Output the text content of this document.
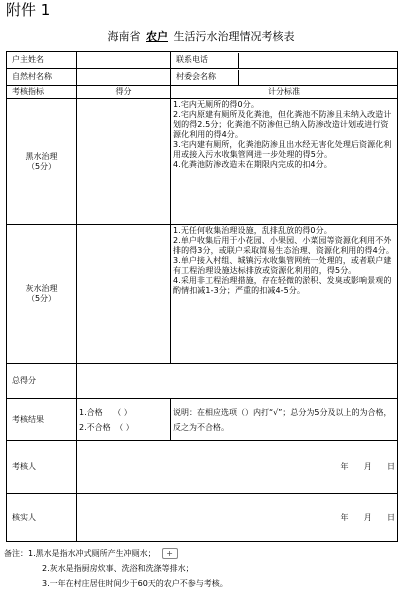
附件 1
海南省 农户 生活污水治理情况考核表
户主姓名			联系电话	

自然村名称			村委会名称	

考核指标	得分	计分标准

黑水治理
（5分）
		1.宅内无厕所的得0分。
2.宅内原建有厕所及化粪池，但化粪池不防渗且未纳入改造计划的得2.5分；化粪池不防渗但已纳入防渗改造计划或进行资源化利用的得4分。
3.宅内建有厕所，化粪池防渗且出水经无害化处理后资源化利用或接入污水收集管网进一步处理的得5分。
4.化粪池防渗改造未在期限内完成的扣4分。

灰水治理
（5分）
		1.无任何收集治理设施，乱排乱放的得0分。
2.单户收集后用于小花园、小果园、小菜园等资源化利用不外排的得3分，或联户采取简易生态治理、资源化利用的得4分。
3.单户接入村组、城镇污水收集管网统一处理的，或者联户建有工程治理设施达标排放或资源化利用的，得5分。
4.采用非工程治理措施，存在轻微的淤积、发臭或影响景观的酌情扣减1-3分；严重的扣减4-5分。
总得分	
考核结果	
1.合格 （ ）
2.不合格 （ ）
	说明：在相应选项（）内打“√”；总分为5分及以上的为合格，反之为不合格。
考核人	年      月      日
核实人	年      月      日
备注：1.黑水是指水冲式厕所产生冲厕水； +
2.灰水是指厨房炊事、洗浴和洗涤等排水；
3.一年在村庄居住时间少于60天的农户不参与考核。
